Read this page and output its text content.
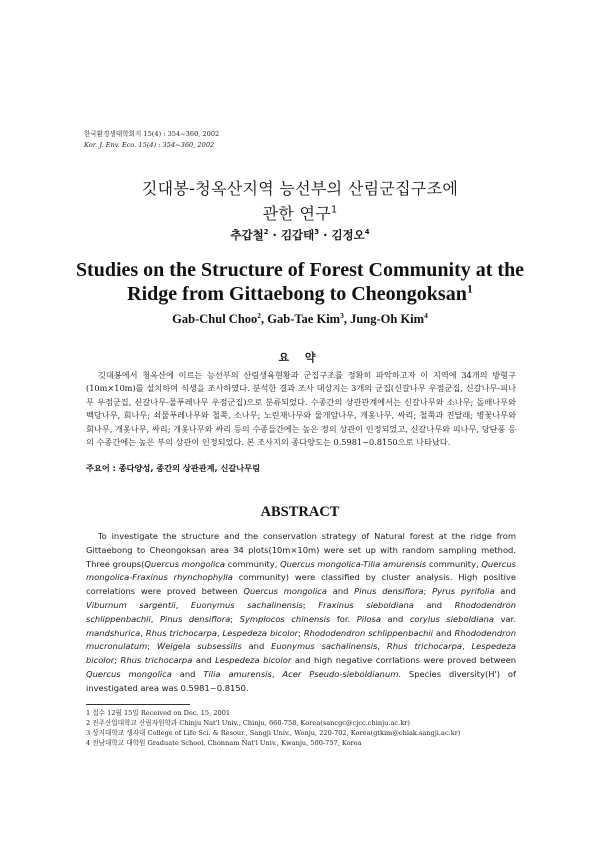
한국환경생태학회지 15(4) : 354~360, 2002
Kor. J. Env. Eco. 15(4) : 354~360, 2002
깃대봉-청옥산지역 능선부의 산림군집구조에
관한 연구$^1$
추갑철$^2$ · 김갑태$^3$ · 김정오$^4$
Studies on the Structure of Forest Community at the
Ridge from Gittaebong to Cheongoksan$^1$
Gab-Chul Choo$^2$, Gab-Tae Kim$^3$, Jung-Oh Kim$^4$
요 약

깃대봉에서 청옥산에 이르는 능선부의 산림생육현황과 군집구조를 정확히 파악하고자 이 지역에 34개의 방형구(10m×10m)를 설치하여 식생을 조사하였다. 분석한 결과 조사 대상지는 3개의 군집(신갈나무 우점군집, 신갈나무-피나무 우점군집, 신갈나무-물푸레나무 우점군집)으로 분류되었다. 수종간의 상관관계에서는 신갈나무와 소나무; 돌배나무와 백당나무, 회나무; 쇠물푸레나무와 철쭉, 소나무; 노린재나무와 물개암나무, 개옻나무, 싸리; 철쭉과 진달래; 병꽃나무와 회나무, 개옻나무, 싸리; 개옻나무와 싸리 등의 수종들간에는 높은 정의 상관이 인정되었고, 신갈나무와 피나무, 당단풍 등의 수종간에는 높은 부의 상관이 인정되었다. 본 조사지의 종다양도는 0.5981~0.8150으로 나타났다.

주요어 : 종다양성, 종간의 상관관계, 신갈나무림
ABSTRACT
To investigate the structure and the conservation strategy of Natural forest at the ridge from Gittaebong to Cheongoksan area 34 plots(10m×10m) were set up with random sampling method. Three groups(Quercus mongolica community, Quercus mongolica-Tilia amurensis community, Quercus mongolica-Fraxinus rhynchophylla community) were classified by cluster analysis. High positive correlations were proved between Quercus mongolica and Pinus densiflora; Pyrus pyrifolia and Viburnum sargentii, Euonymus sachalinensis; Fraxinus sieboldiana and Rhododendron schlippenbachii, Pinus densiflora; Symplocos chinensis for. Pilosa and corylus sieboldiana var. mandshurica, Rhus trichocarpa, Lespedeza bicolor; Rhododendron schlippenbachii and Rhododendron mucronulatum; Weigela subsessilis and Euonymus sachalinensis, Rhus trichocarpa, Lespedeza bicolor; Rhus trichocarpa and Lespedeza bicolor and high negative corrlations were proved between Quercus mongolica and Tilia amurensis, Acer Pseudo-sieboldianum. Species diversity(H') of investigated area was 0.5981~0.8150.
1 접수 12월 15일 Received on Dec. 15, 2001
2 진주산업대학교 산림자원학과 Chinju Nat'l Univ., Chinju, 660-758, Korea(sancgc@cjcc.chinju.ac.kr)
3 상지대학교 생자대 College of Life Sci. & Resour., Sangji Univ., Wonju, 220-702, Korea(gtkim@chiak.sangji.ac.kr)
4 전남대학교 대학원 Graduate School, Chonnam Nat'l Univ., Kwanju, 500-757, Korea
